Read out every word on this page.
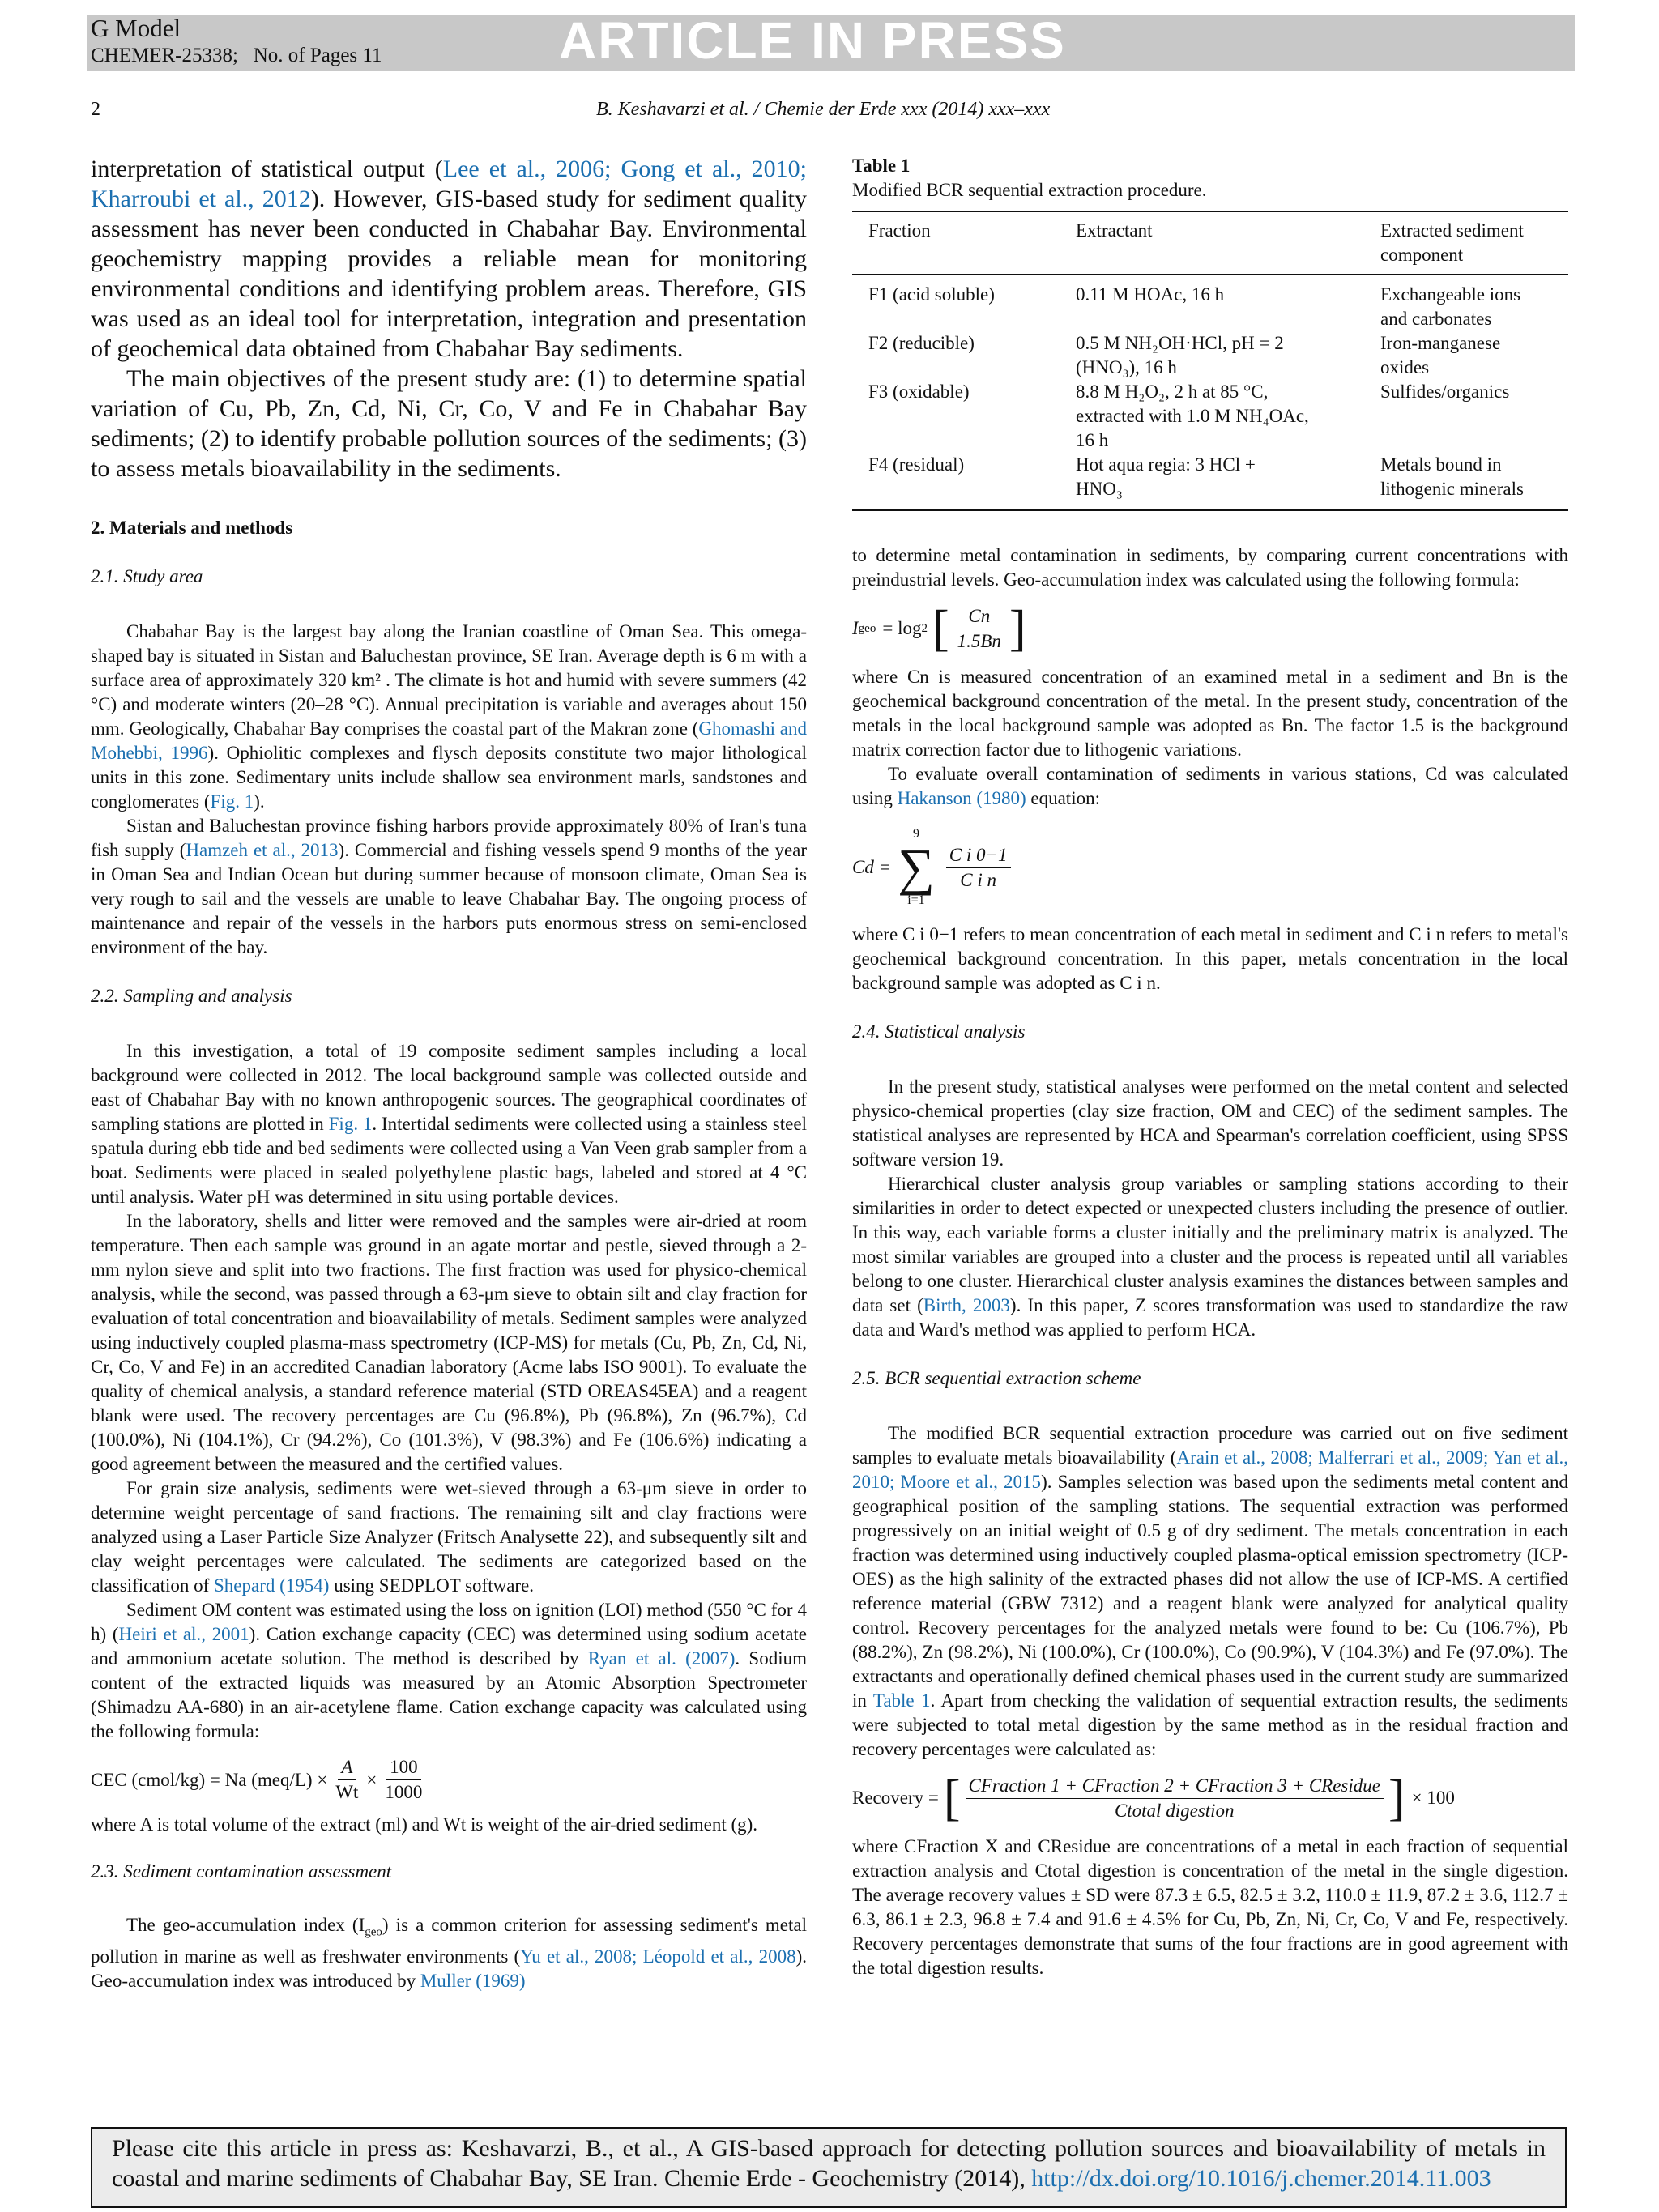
G Model
CHEMER-25338;   No. of Pages 11	ARTICLE IN PRESS
2	B. Keshavarzi et al. / Chemie der Erde xxx (2014) xxx–xxx

interpretation of statistical output (Lee et al., 2006; Gong et al., 2010; Kharroubi et al., 2012). However, GIS-based study for sediment quality assessment has never been conducted in Chabahar Bay. Environmental geochemistry mapping provides a reliable mean for monitoring environmental conditions and identifying problem areas. Therefore, GIS was used as an ideal tool for interpretation, integration and presentation of geochemical data obtained from Chabahar Bay sediments.

The main objectives of the present study are: (1) to determine spatial variation of Cu, Pb, Zn, Cd, Ni, Cr, Co, V and Fe in Chabahar Bay sediments; (2) to identify probable pollution sources of the sediments; (3) to assess metals bioavailability in the sediments.

2. Materials and methods
2.1. Study area

Chabahar Bay is the largest bay along the Iranian coastline of Oman Sea. This omega-shaped bay is situated in Sistan and Baluchestan province, SE Iran. Average depth is 6 m with a surface area of approximately 320 km² . The climate is hot and humid with severe summers (42 °C) and moderate winters (20–28 °C). Annual precipitation is variable and averages about 150 mm. Geologically, Chabahar Bay comprises the coastal part of the Makran zone (Ghomashi and Mohebbi, 1996). Ophiolitic complexes and flysch deposits constitute two major lithological units in this zone. Sedimentary units include shallow sea environment marls, sandstones and conglomerates (Fig. 1).

Sistan and Baluchestan province fishing harbors provide approximately 80% of Iran's tuna fish supply (Hamzeh et al., 2013). Commercial and fishing vessels spend 9 months of the year in Oman Sea and Indian Ocean but during summer because of monsoon climate, Oman Sea is very rough to sail and the vessels are unable to leave Chabahar Bay. The ongoing process of maintenance and repair of the vessels in the harbors puts enormous stress on semi-enclosed environment of the bay.

2.2. Sampling and analysis

In this investigation, a total of 19 composite sediment samples including a local background were collected in 2012. The local background sample was collected outside and east of Chabahar Bay with no known anthropogenic sources. The geographical coordinates of sampling stations are plotted in Fig. 1. Intertidal sediments were collected using a stainless steel spatula during ebb tide and bed sediments were collected using a Van Veen grab sampler from a boat. Sediments were placed in sealed polyethylene plastic bags, labeled and stored at 4 °C until analysis. Water pH was determined in situ using portable devices.

In the laboratory, shells and litter were removed and the samples were air-dried at room temperature. Then each sample was ground in an agate mortar and pestle, sieved through a 2-mm nylon sieve and split into two fractions. The first fraction was used for physico-chemical analysis, while the second, was passed through a 63-μm sieve to obtain silt and clay fraction for evaluation of total concentration and bioavailability of metals. Sediment samples were analyzed using inductively coupled plasma-mass spectrometry (ICP-MS) for metals (Cu, Pb, Zn, Cd, Ni, Cr, Co, V and Fe) in an accredited Canadian laboratory (Acme labs ISO 9001). To evaluate the quality of chemical analysis, a standard reference material (STD OREAS45EA) and a reagent blank were used. The recovery percentages are Cu (96.8%), Pb (96.8%), Zn (96.7%), Cd (100.0%), Ni (104.1%), Cr (94.2%), Co (101.3%), V (98.3%) and Fe (106.6%) indicating a good agreement between the measured and the certified values.

For grain size analysis, sediments were wet-sieved through a 63-μm sieve in order to determine weight percentage of sand fractions. The remaining silt and clay fractions were analyzed using a Laser Particle Size Analyzer (Fritsch Analysette 22), and subsequently silt and clay weight percentages were calculated. The sediments are categorized based on the classification of Shepard (1954) using SEDPLOT software.

Sediment OM content was estimated using the loss on ignition (LOI) method (550 °C for 4 h) (Heiri et al., 2001). Cation exchange capacity (CEC) was determined using sodium acetate and ammonium acetate solution. The method is described by Ryan et al. (2007). Sodium content of the extracted liquids was measured by an Atomic Absorption Spectrometer (Shimadzu AA-680) in an air-acetylene flame. Cation exchange capacity was calculated using the following formula:

CEC (cmol/kg) = Na $(meq/L) \times \frac{A}{Wt} \times \frac{100}{1000}$

where A is total volume of the extract (ml) and Wt is weight of the air-dried sediment (g).

2.3. Sediment contamination assessment

The geo-accumulation index $(I_{geo})$ is a common criterion for assessing sediment's metal pollution in marine as well as freshwater environments (Yu et al., 2008; Léopold et al., 2008). Geo-accumulation index was introduced by Muller (1969)

Table 1
Modified BCR sequential extraction procedure.
Fraction	Extractant	Extracted sediment component
F1 (acid soluble)	0.11 M HOAc, 16 h	Exchangeable ions and carbonates
F2 (reducible)	0.5 M NH₂OH·HCl, pH = 2 (HNO₃), 16 h	Iron-manganese oxides
F3 (oxidable)	8.8 M H₂O₂, 2 h at 85 °C, extracted with 1.0 M NH₄OAc, 16 h	Sulfides/organics
F4 (residual)	Hot aqua regia: 3 HCl + HNO₃	Metals bound in lithogenic minerals

to determine metal contamination in sediments, by comparing current concentrations with preindustrial levels. Geo-accumulation index was calculated using the following formula:

I geo = log 2 [ $\frac{Cn}{1.5Bn}$ ]

where Cn is measured concentration of an examined metal in a sediment and Bn is the geochemical background concentration of the metal. In the present study, concentration of the metals in the local background sample was adopted as Bn. The factor 1.5 is the background matrix correction factor due to lithogenic variations.

To evaluate overall contamination of sediments in various stations, Cd was calculated using Hakanson (1980) equation:

Cd =
9
∑
i=1
$\frac{\text{C i 0−1}}{\text{C i n}}$

where C i 0−1 refers to mean concentration of each metal in sediment and C i n refers to metal's geochemical background concentration. In this paper, metals concentration in the local background sample was adopted as C i n.

2.4. Statistical analysis

In the present study, statistical analyses were performed on the metal content and selected physico-chemical properties (clay size fraction, OM and CEC) of the sediment samples. The statistical analyses are represented by HCA and Spearman's correlation coefficient, using SPSS software version 19.

Hierarchical cluster analysis group variables or sampling stations according to their similarities in order to detect expected or unexpected clusters including the presence of outlier. In this way, each variable forms a cluster initially and the preliminary matrix is analyzed. The most similar variables are grouped into a cluster and the process is repeated until all variables belong to one cluster. Hierarchical cluster analysis examines the distances between samples and data set (Birth, 2003). In this paper, Z scores transformation was used to standardize the raw data and Ward's method was applied to perform HCA.

2.5. BCR sequential extraction scheme

The modified BCR sequential extraction procedure was carried out on five sediment samples to evaluate metals bioavailability (Arain et al., 2008; Malferrari et al., 2009; Yan et al., 2010; Moore et al., 2015). Samples selection was based upon the sediments metal content and geographical position of the sampling stations. The sequential extraction was performed progressively on an initial weight of 0.5 g of dry sediment. The metals concentration in each fraction was determined using inductively coupled plasma-optical emission spectrometry (ICP-OES) as the high salinity of the extracted phases did not allow the use of ICP-MS. A certified reference material (GBW 7312) and a reagent blank were analyzed for analytical quality control. Recovery percentages for the analyzed metals were found to be: Cu (106.7%), Pb (88.2%), Zn (98.2%), Ni (100.0%), Cr (100.0%), Co (90.9%), V (104.3%) and Fe (97.0%). The extractants and operationally defined chemical phases used in the current study are summarized in Table 1. Apart from checking the validation of sequential extraction results, the sediments were subjected to total metal digestion by the same method as in the residual fraction and recovery percentages were calculated as:

Recovery = [ $\frac{\text{CFraction 1 + CFraction 2 + CFraction 3 + CResidue}}{\text{Ctotal digestion}}$ ] × 100

where CFraction X and CResidue are concentrations of a metal in each fraction of sequential extraction analysis and Ctotal digestion is concentration of the metal in the single digestion. The average recovery values ± SD were 87.3 ± 6.5, 82.5 ± 3.2, 110.0 ± 11.9, 87.2 ± 3.6, 112.7 ± 6.3, 86.1 ± 2.3, 96.8 ± 7.4 and 91.6 ± 4.5% for Cu, Pb, Zn, Ni, Cr, Co, V and Fe, respectively. Recovery percentages demonstrate that sums of the four fractions are in good agreement with the total digestion results.

Please cite this article in press as: Keshavarzi, B., et al., A GIS-based approach for detecting pollution sources and bioavailability of metals in coastal and marine sediments of Chabahar Bay, SE Iran. Chemie Erde - Geochemistry (2014), http://dx.doi.org/10.1016/j.chemer.2014.11.003
